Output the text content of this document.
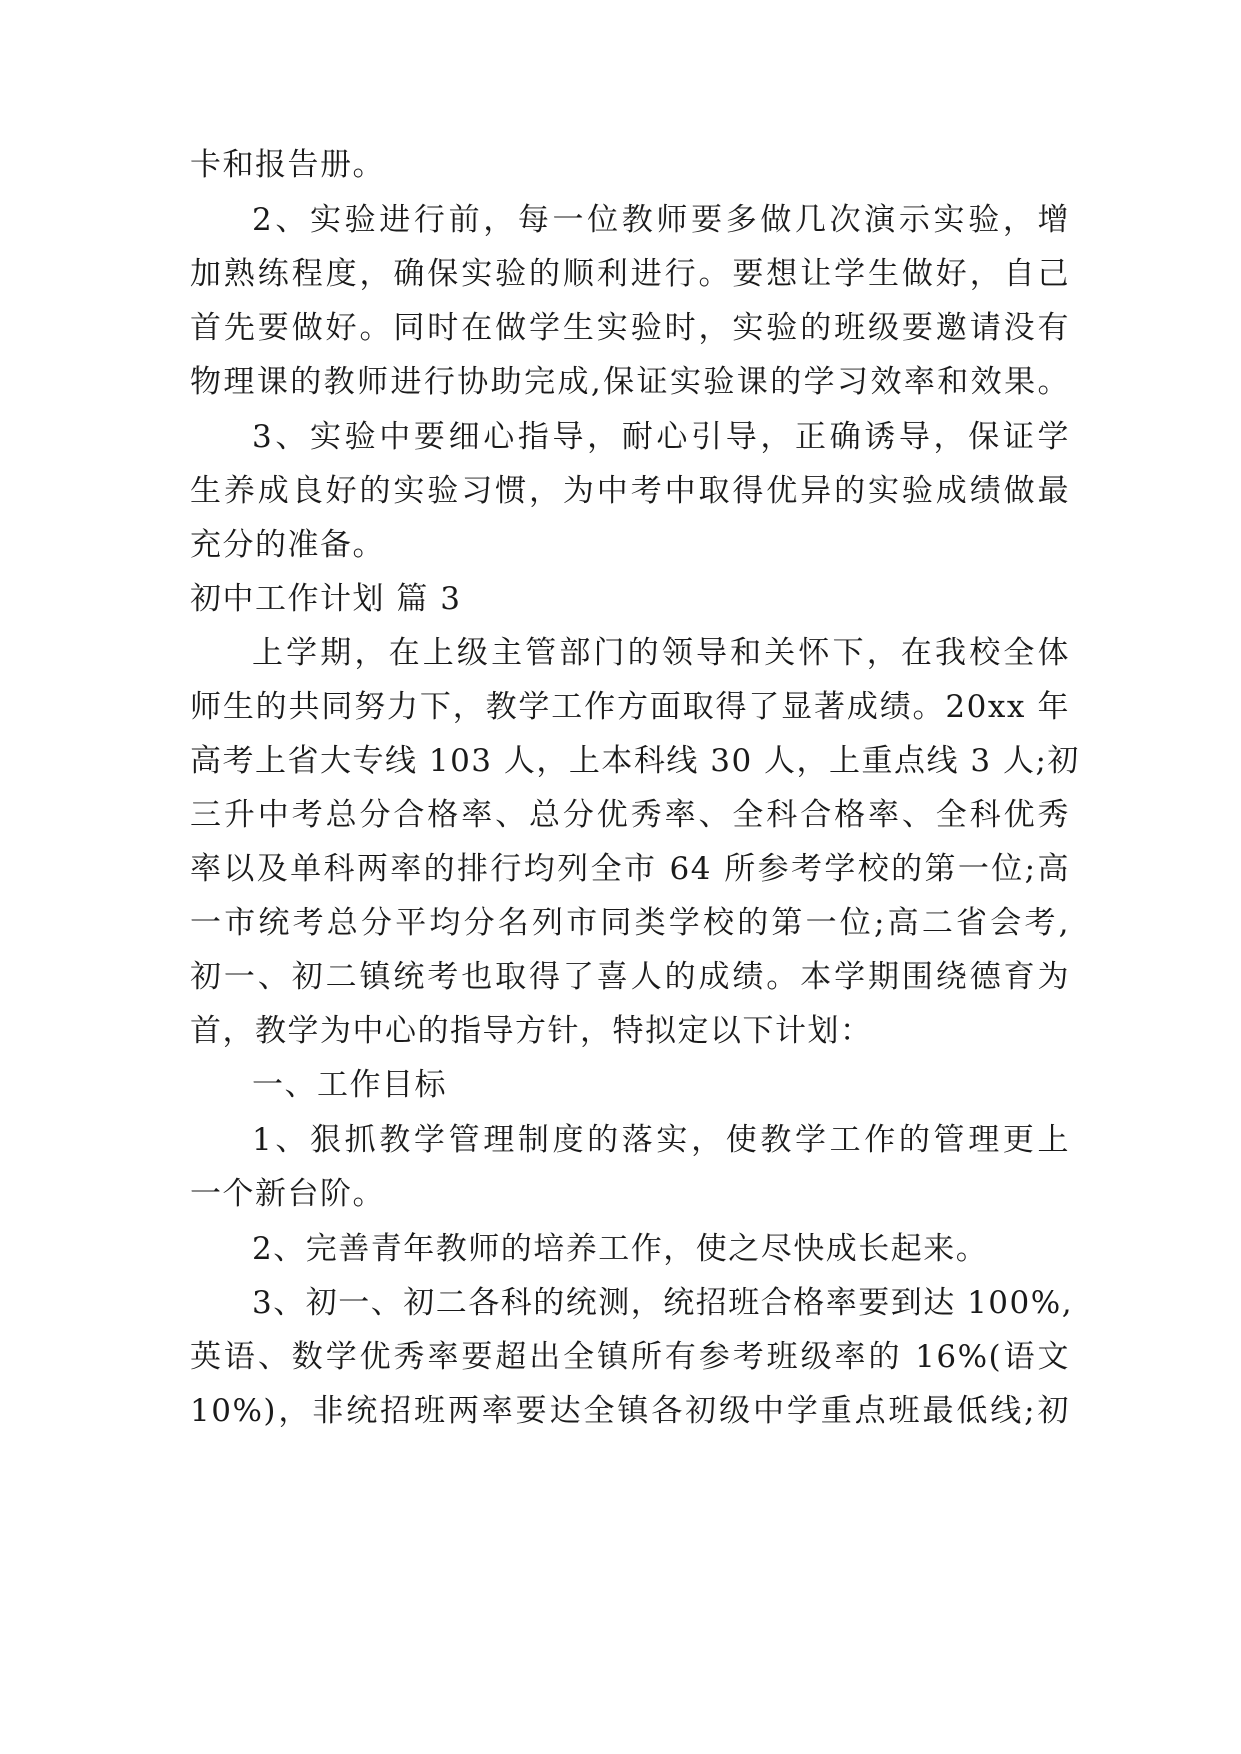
卡和报告册。
2、实验进行前，每一位教师要多做几次演示实验，增
加熟练程度，确保实验的顺利进行。要想让学生做好，自己
首先要做好。同时在做学生实验时，实验的班级要邀请没有
物理课的教师进行协助完成,保证实验课的学习效率和效果。
3、实验中要细心指导，耐心引导，正确诱导，保证学
生养成良好的实验习惯，为中考中取得优异的实验成绩做最
充分的准备。
初中工作计划 篇 3
上学期，在上级主管部门的领导和关怀下，在我校全体
师生的共同努力下，教学工作方面取得了显著成绩。20xx 年
高考上省大专线 103 人，上本科线 30 人，上重点线 3 人;初
三升中考总分合格率、总分优秀率、全科合格率、全科优秀
率以及单科两率的排行均列全市 64 所参考学校的第一位;高
一市统考总分平均分名列市同类学校的第一位;高二省会考,
初一、初二镇统考也取得了喜人的成绩。本学期围绕德育为
首，教学为中心的指导方针，特拟定以下计划：
一、工作目标
1、狠抓教学管理制度的落实，使教学工作的管理更上
一个新台阶。
2、完善青年教师的培养工作，使之尽快成长起来。
3、初一、初二各科的统测，统招班合格率要到达 100%,
英语、数学优秀率要超出全镇所有参考班级率的 16%(语文
10%)，非统招班两率要达全镇各初级中学重点班最低线;初
